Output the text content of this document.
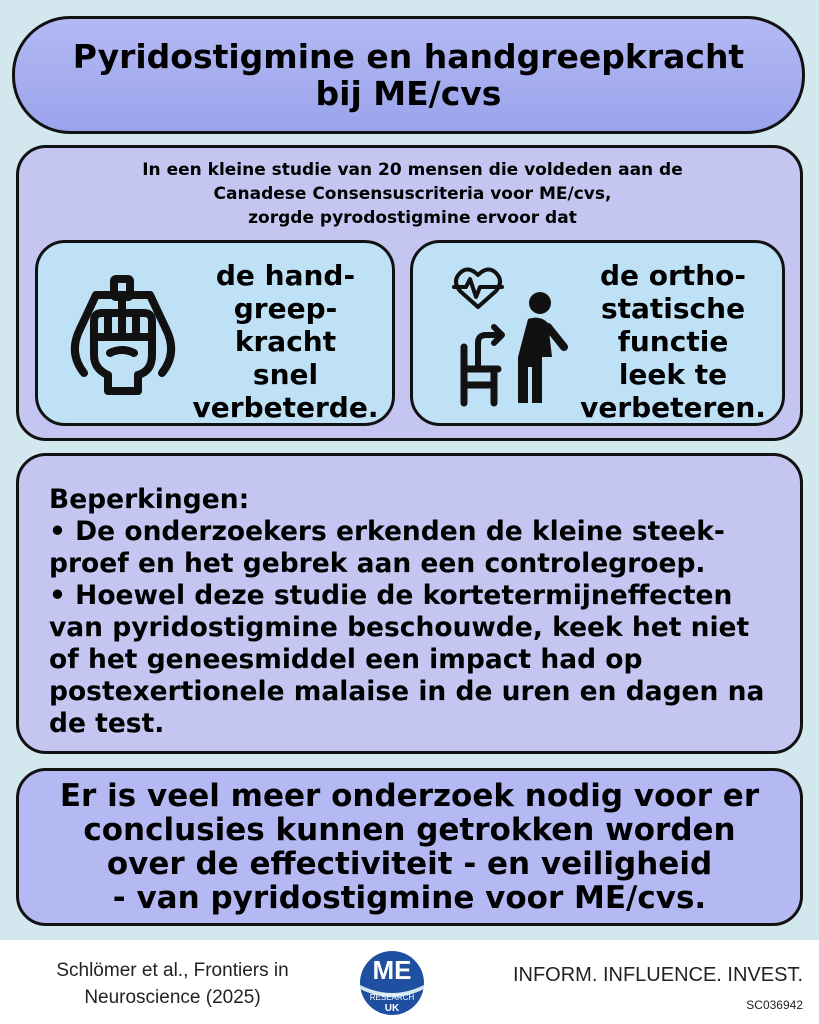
Pyridostigmine en handgreepkracht
bij ME/cvs
In een kleine studie van 20 mensen die voldeden aan de
Canadese Consensuscriteria voor ME/cvs,
zorgde pyrodostigmine ervoor dat
de hand-
greep-
kracht
snel
verbeterde.
de ortho-
statische
functie
leek te
verbeteren.

Beperkingen:

• De onderzoekers erkenden de kleine steek-proef en het gebrek aan een controlegroep.

• Hoewel deze studie de kortetermijneffecten van pyridostigmine beschouwde, keek het niet of het geneesmiddel een impact had op postexertionele malaise in de uren en dagen na de test.

Er is veel meer onderzoek nodig voor er
conclusies kunnen getrokken worden
over de effectiviteit - en veiligheid
- van pyridostigmine voor ME/cvs.
Schlömer et al., Frontiers in
Neuroscience (2025)
ME
RESEARCH
UK
INFORM. INFLUENCE. INVEST.
SC036942
